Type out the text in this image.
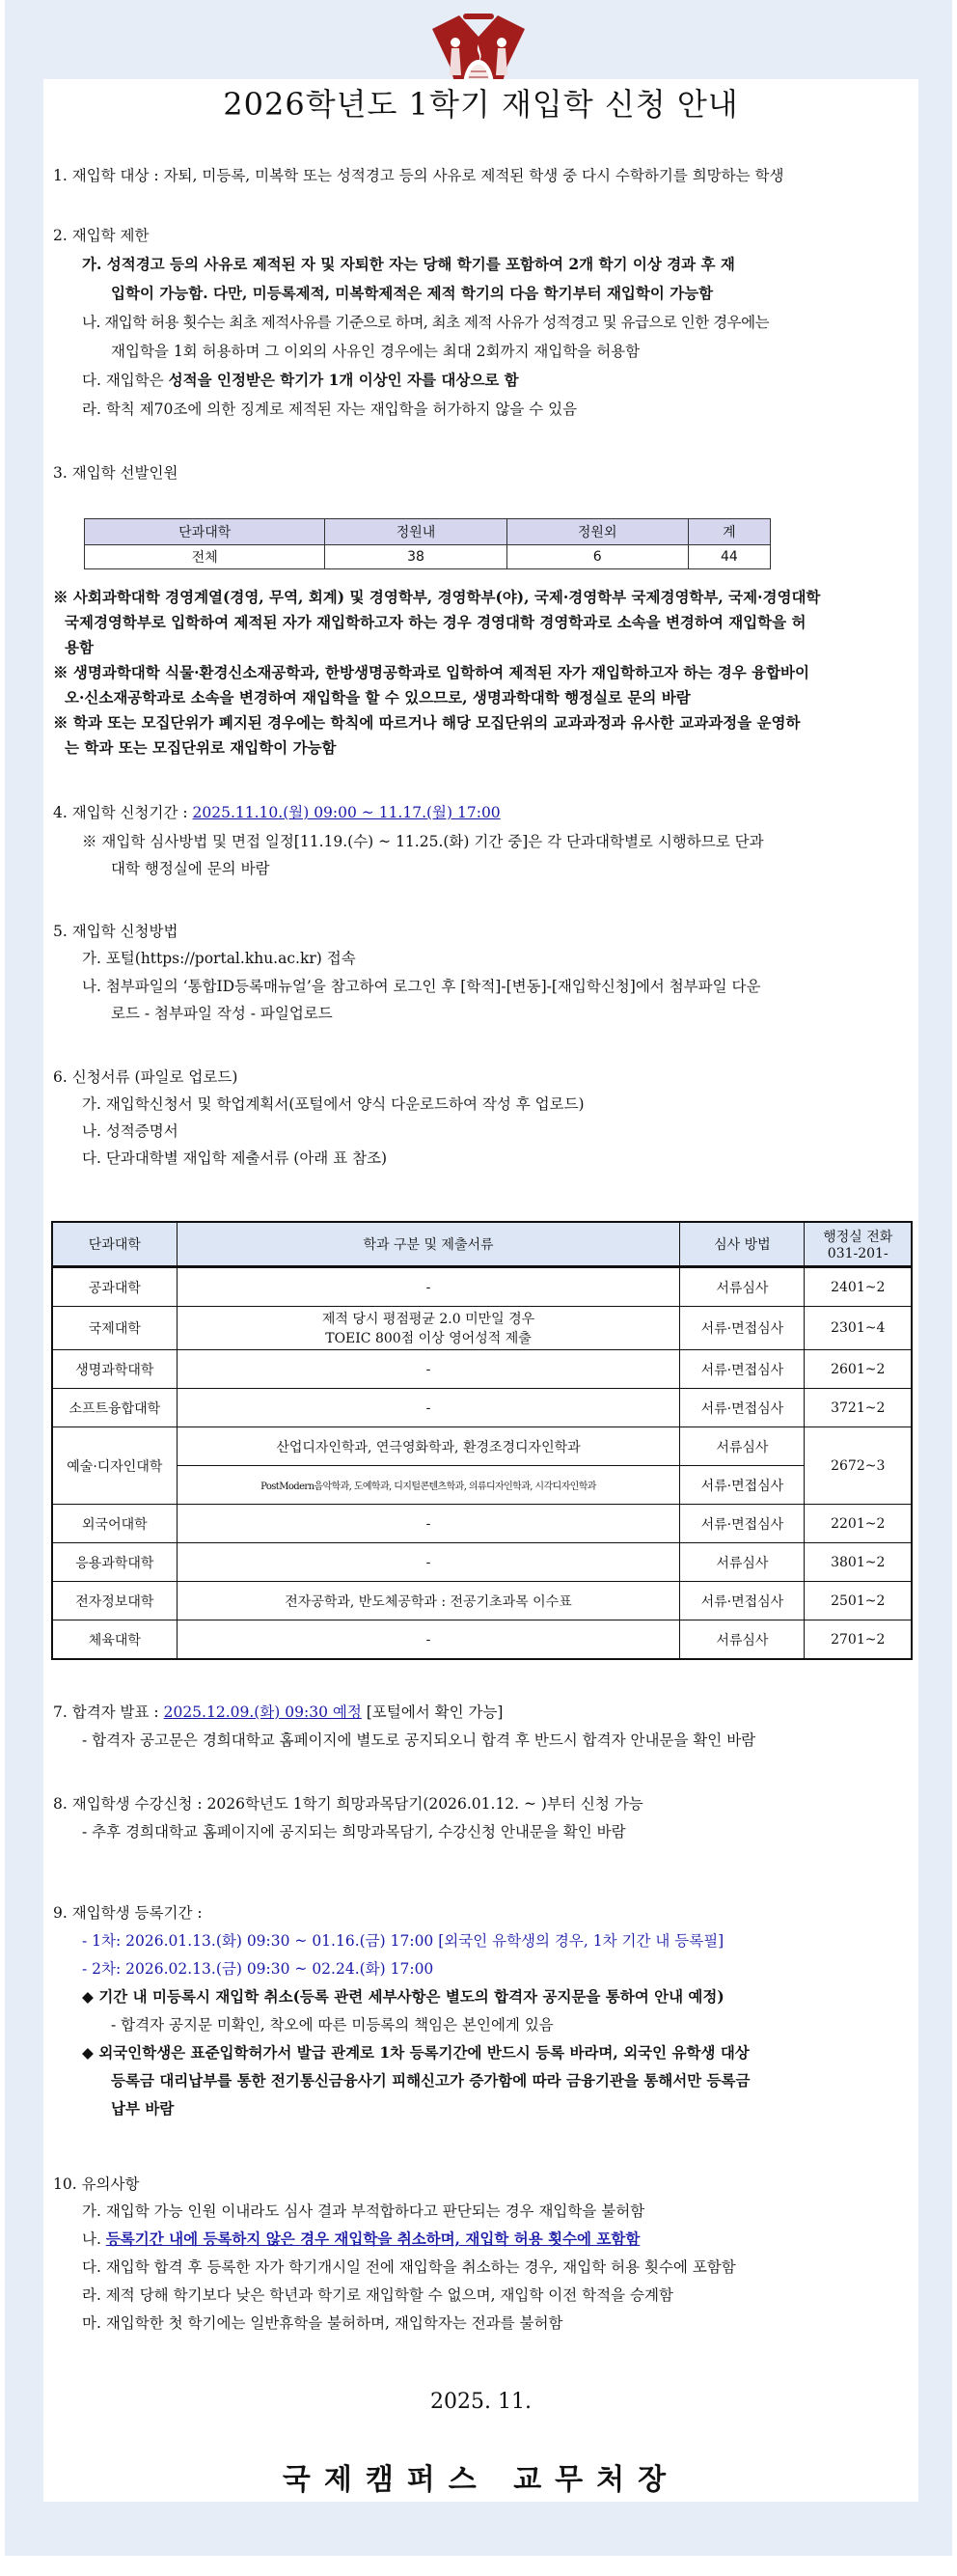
2026학년도 1학기 재입학 신청 안내
1. 재입학 대상 : 자퇴, 미등록, 미복학 또는 성적경고 등의 사유로 제적된 학생 중 다시 수학하기를 희망하는 학생
2. 재입학 제한
가. 성적경고 등의 사유로 제적된 자 및 자퇴한 자는 당해 학기를 포함하여 2개 학기 이상 경과 후 재
입학이 가능함. 다만, 미등록제적, 미복학제적은 제적 학기의 다음 학기부터 재입학이 가능함
나. 재입학 허용 횟수는 최초 제적사유를 기준으로 하며, 최초 제적 사유가 성적경고 및 유급으로 인한 경우에는
재입학을 1회 허용하며 그 이외의 사유인 경우에는 최대 2회까지 재입학을 허용함
다. 재입학은 성적을 인정받은 학기가 1개 이상인 자를 대상으로 함
라. 학칙 제70조에 의한 징계로 제적된 자는 재입학을 허가하지 않을 수 있음
3. 재입학 선발인원
단과대학	정원내	정원외	계
전체	38	6	44
※ 사회과학대학 경영계열(경영, 무역, 회계) 및 경영학부, 경영학부(야), 국제·경영학부 국제경영학부, 국제·경영대학
국제경영학부로 입학하여 제적된 자가 재입학하고자 하는 경우 경영대학 경영학과로 소속을 변경하여 재입학을 허
용함
※ 생명과학대학 식물·환경신소재공학과, 한방생명공학과로 입학하여 제적된 자가 재입학하고자 하는 경우 융합바이
오·신소재공학과로 소속을 변경하여 재입학을 할 수 있으므로, 생명과학대학 행정실로 문의 바람
※ 학과 또는 모집단위가 폐지된 경우에는 학칙에 따르거나 해당 모집단위의 교과과정과 유사한 교과과정을 운영하
는 학과 또는 모집단위로 재입학이 가능함
4. 재입학 신청기간 : 2025.11.10.(월) 09:00 ~ 11.17.(월) 17:00
※ 재입학 심사방법 및 면접 일정[11.19.(수) ~ 11.25.(화) 기간 중]은 각 단과대학별로 시행하므로 단과
대학 행정실에 문의 바람
5. 재입학 신청방법
가. 포털(https://portal.khu.ac.kr) 접속
나. 첨부파일의 ‘통합ID등록매뉴얼’을 참고하여 로그인 후 [학적]-[변동]-[재입학신청]에서 첨부파일 다운
로드 - 첨부파일 작성 - 파일업로드
6. 신청서류 (파일로 업로드)
가. 재입학신청서 및 학업계획서(포털에서 양식 다운로드하여 작성 후 업로드)
나. 성적증명서
다. 단과대학별 재입학 제출서류 (아래 표 참조)
단과대학	학과 구분 및 제출서류	심사 방법	행정실 전화
031-201-
공과대학	-	서류심사	2401~2
국제대학	제적 당시 평점평균 2.0 미만일 경우
TOEIC 800점 이상 영어성적 제출	서류·면접심사	2301~4
생명과학대학	-	서류·면접심사	2601~2
소프트융합대학	-	서류·면접심사	3721~2
예술·디자인대학	산업디자인학과, 연극영화학과, 환경조경디자인학과	서류심사	2672~3
	PostModern음악학과, 도예학과, 디지털콘텐츠학과, 의류디자인학과, 시각디자인학과	서류·면접심사	
외국어대학	-	서류·면접심사	2201~2
응용과학대학	-	서류심사	3801~2
전자정보대학	전자공학과, 반도체공학과 : 전공기초과목 이수표	서류·면접심사	2501~2
체육대학	-	서류심사	2701~2
7. 합격자 발표 : 2025.12.09.(화) 09:30 예정 [포털에서 확인 가능]
- 합격자 공고문은 경희대학교 홈페이지에 별도로 공지되오니 합격 후 반드시 합격자 안내문을 확인 바람
8. 재입학생 수강신청 : 2026학년도 1학기 희망과목담기(2026.01.12. ~ )부터 신청 가능
- 추후 경희대학교 홈페이지에 공지되는 희망과목담기, 수강신청 안내문을 확인 바람
9. 재입학생 등록기간 :
- 1차: 2026.01.13.(화) 09:30 ~ 01.16.(금) 17:00 [외국인 유학생의 경우, 1차 기간 내 등록필]
- 2차: 2026.02.13.(금) 09:30 ~ 02.24.(화) 17:00
◆ 기간 내 미등록시 재입학 취소(등록 관련 세부사항은 별도의 합격자 공지문을 통하여 안내 예정)
- 합격자 공지문 미확인, 착오에 따른 미등록의 책임은 본인에게 있음
◆ 외국인학생은 표준입학허가서 발급 관계로 1차 등록기간에 반드시 등록 바라며, 외국인 유학생 대상
등록금 대리납부를 통한 전기통신금융사기 피해신고가 증가함에 따라 금융기관을 통해서만 등록금
납부 바람
10. 유의사항
가. 재입학 가능 인원 이내라도 심사 결과 부적합하다고 판단되는 경우 재입학을 불허함
나. 등록기간 내에 등록하지 않은 경우 재입학을 취소하며, 재입학 허용 횟수에 포함함
다. 재입학 합격 후 등록한 자가 학기개시일 전에 재입학을 취소하는 경우, 재입학 허용 횟수에 포함함
라. 제적 당해 학기보다 낮은 학년과 학기로 재입학할 수 없으며, 재입학 이전 학적을 승계함
마. 재입학한 첫 학기에는 일반휴학을 불허하며, 재입학자는 전과를 불허함
2025. 11.
국제캠퍼스 교무처장
